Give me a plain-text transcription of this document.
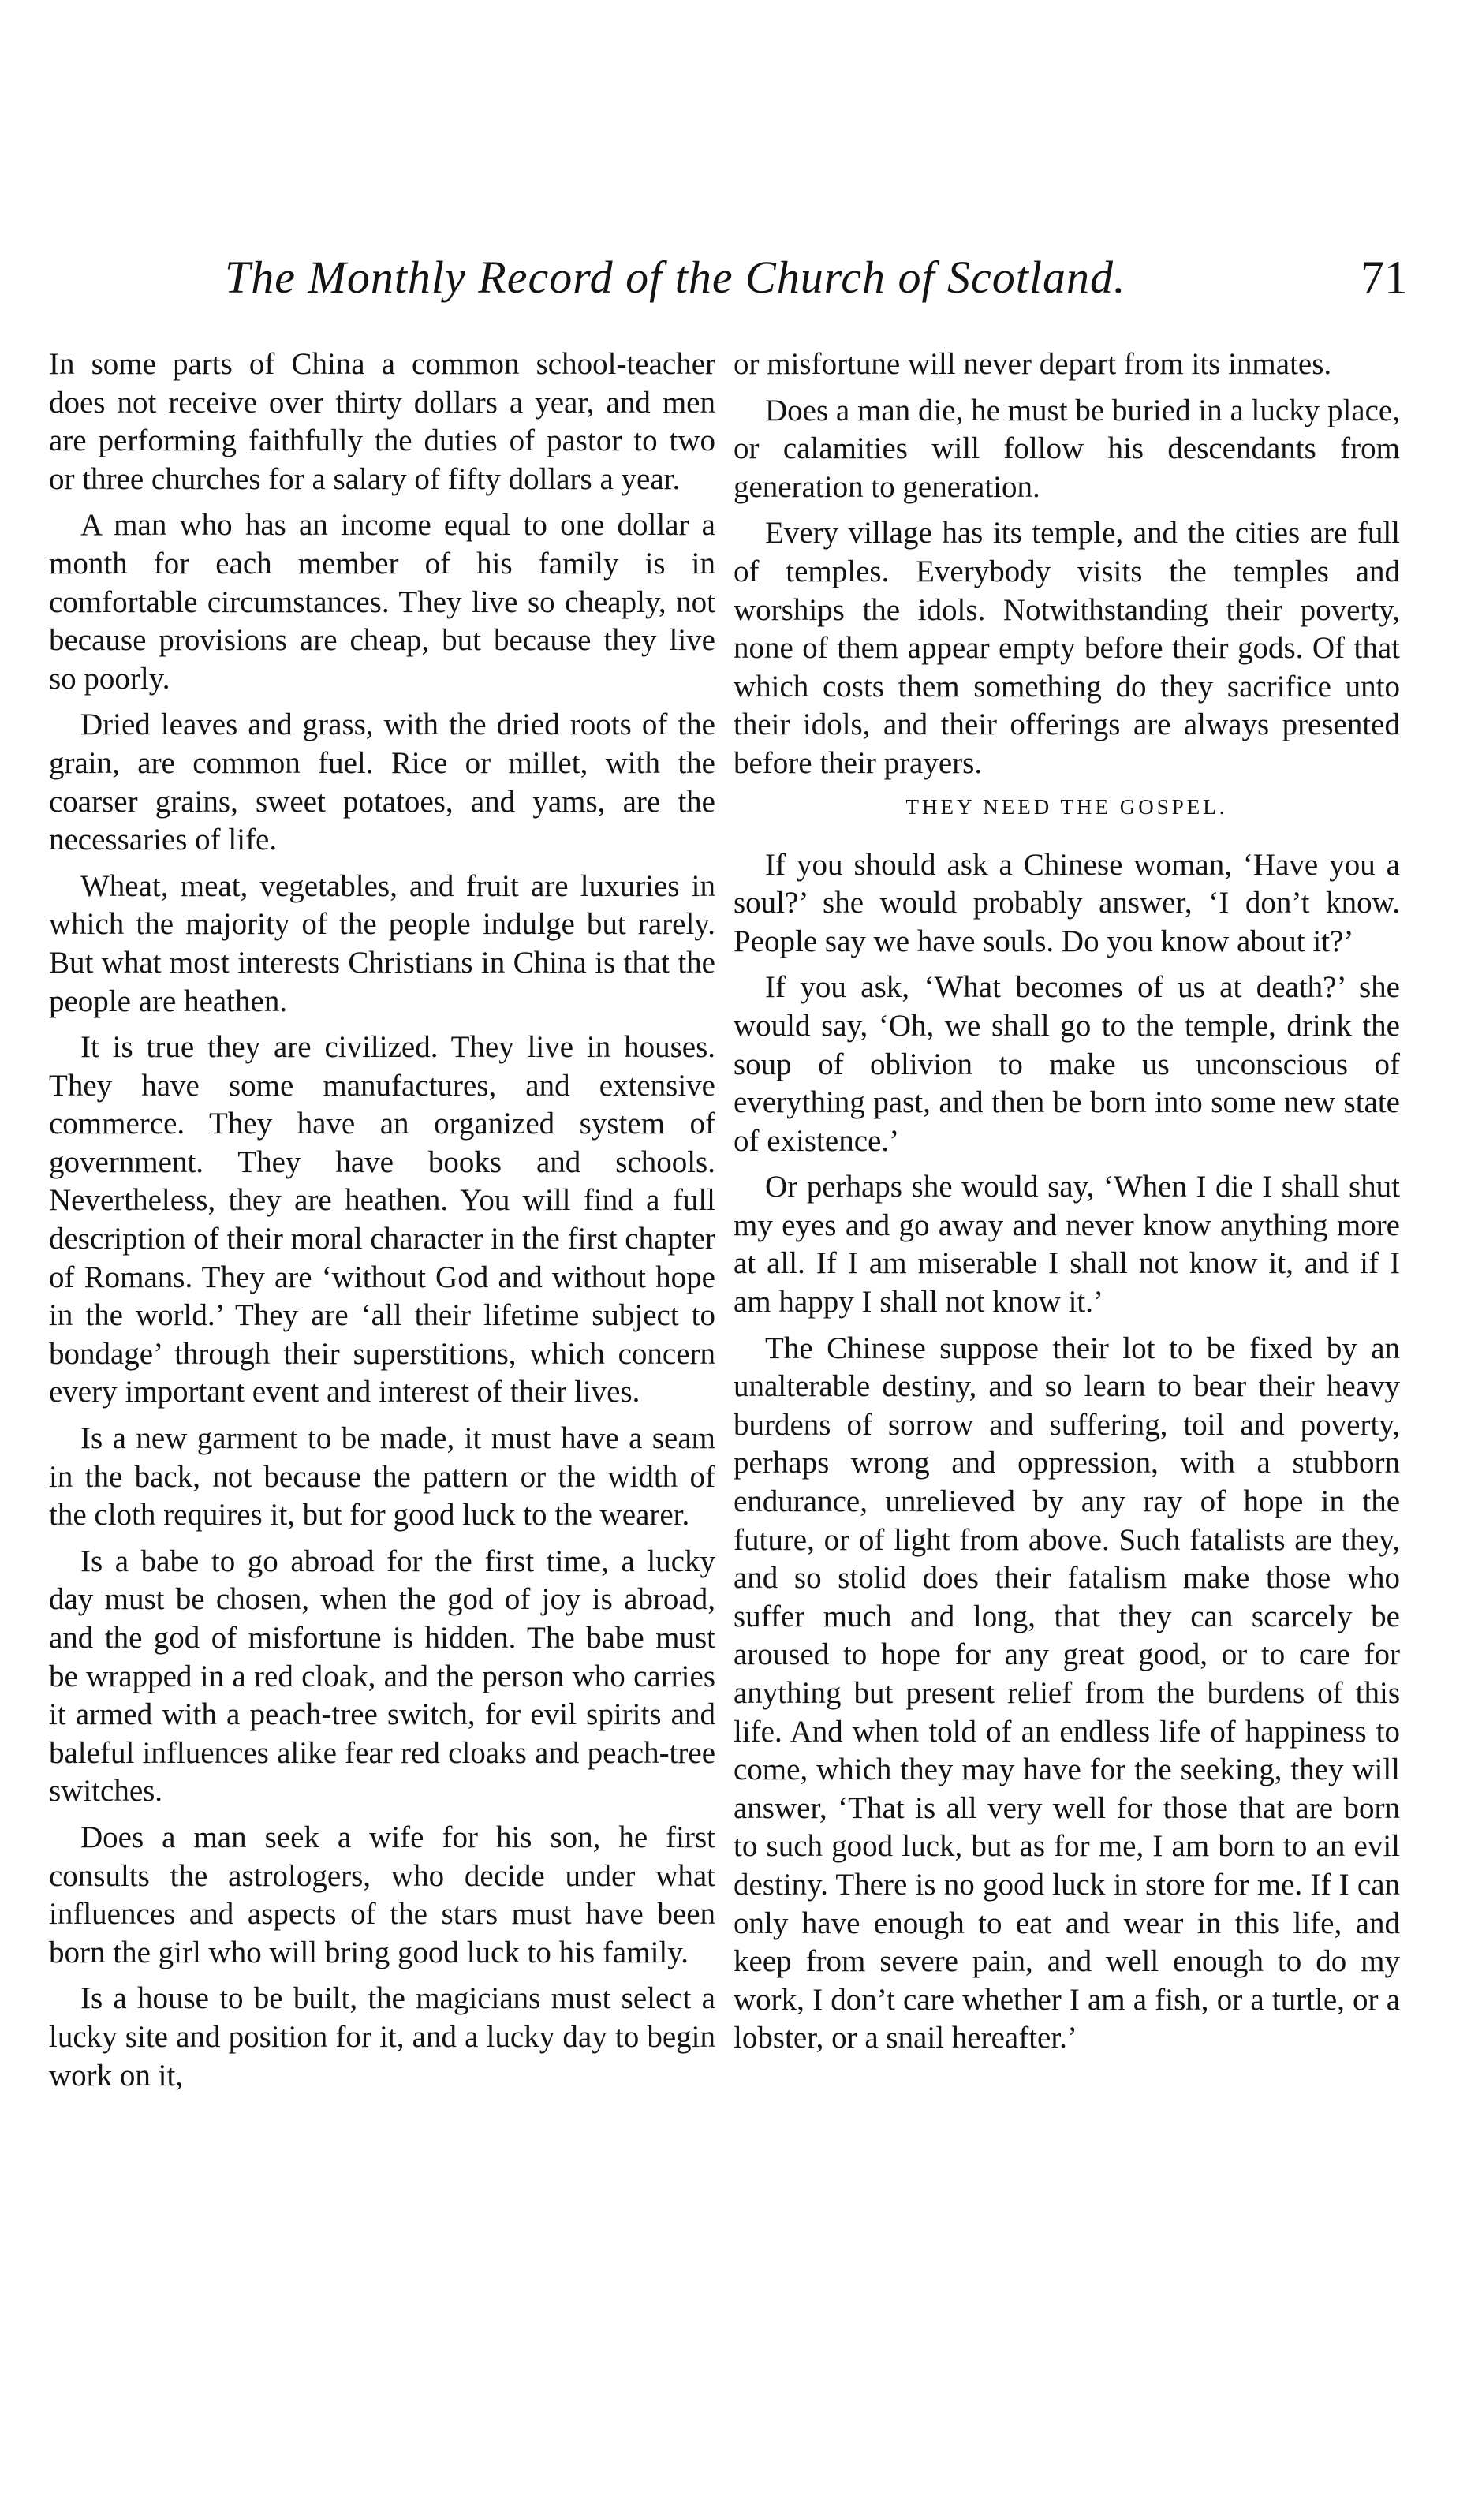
The Monthly Record of the Church of Scotland.	71

In some parts of China a common school-teacher does not receive over thirty dollars a year, and men are performing faithfully the duties of pastor to two or three churches for a salary of fifty dollars a year.

A man who has an income equal to one dollar a month for each member of his family is in comfortable circumstances. They live so cheaply, not because provisions are cheap, but because they live so poorly.

Dried leaves and grass, with the dried roots of the grain, are common fuel. Rice or millet, with the coarser grains, sweet potatoes, and yams, are the necessaries of life.

Wheat, meat, vegetables, and fruit are luxuries in which the majority of the people indulge but rarely. But what most interests Christians in China is that the people are heathen.

It is true they are civilized. They live in houses. They have some manufactures, and extensive commerce. They have an organized system of government. They have books and schools. Nevertheless, they are heathen. You will find a full description of their moral character in the first chapter of Romans. They are ‘without God and without hope in the world.’ They are ‘all their lifetime subject to bondage’ through their superstitions, which concern every important event and interest of their lives.

Is a new garment to be made, it must have a seam in the back, not because the pattern or the width of the cloth requires it, but for good luck to the wearer.

Is a babe to go abroad for the first time, a lucky day must be chosen, when the god of joy is abroad, and the god of misfortune is hidden. The babe must be wrapped in a red cloak, and the person who carries it armed with a peach-tree switch, for evil spirits and baleful influences alike fear red cloaks and peach-tree switches.

Does a man seek a wife for his son, he first consults the astrologers, who decide under what influences and aspects of the stars must have been born the girl who will bring good luck to his family.

Is a house to be built, the magicians must select a lucky site and position for it, and a lucky day to begin work on it,

or misfortune will never depart from its inmates.

Does a man die, he must be buried in a lucky place, or calamities will follow his descendants from generation to generation.

Every village has its temple, and the cities are full of temples. Everybody visits the temples and worships the idols. Notwithstanding their poverty, none of them appear empty before their gods. Of that which costs them something do they sacrifice unto their idols, and their offerings are always presented before their prayers.

THEY NEED THE GOSPEL.

If you should ask a Chinese woman, ‘Have you a soul?’ she would probably answer, ‘I don’t know. People say we have souls. Do you know about it?’

If you ask, ‘What becomes of us at death?’ she would say, ‘Oh, we shall go to the temple, drink the soup of oblivion to make us unconscious of everything past, and then be born into some new state of existence.’

Or perhaps she would say, ‘When I die I shall shut my eyes and go away and never know anything more at all. If I am miserable I shall not know it, and if I am happy I shall not know it.’

The Chinese suppose their lot to be fixed by an unalterable destiny, and so learn to bear their heavy burdens of sorrow and suffering, toil and poverty, perhaps wrong and oppression, with a stubborn endurance, unrelieved by any ray of hope in the future, or of light from above. Such fatalists are they, and so stolid does their fatalism make those who suffer much and long, that they can scarcely be aroused to hope for any great good, or to care for anything but present relief from the burdens of this life. And when told of an endless life of happiness to come, which they may have for the seeking, they will answer, ‘That is all very well for those that are born to such good luck, but as for me, I am born to an evil destiny. There is no good luck in store for me. If I can only have enough to eat and wear in this life, and keep from severe pain, and well enough to do my work, I don’t care whether I am a fish, or a turtle, or a lobster, or a snail hereafter.’
